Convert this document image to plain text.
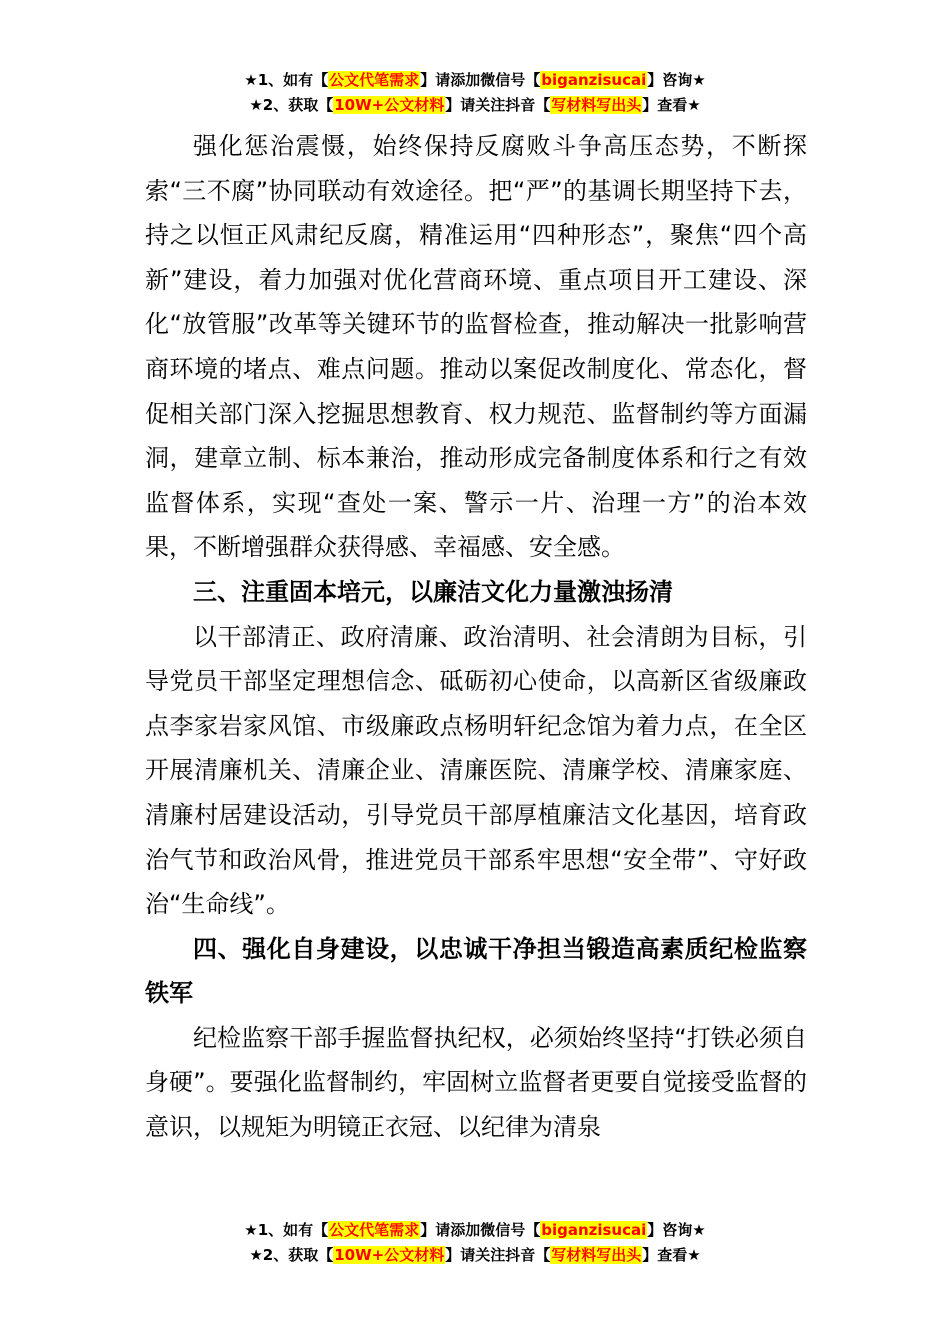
★1、如有【公文代笔需求】请添加微信号【biganzisucai】咨询★
★2、获取【10W+公文材料】请关注抖音【写材料写出头】查看★

强化惩治震慑，始终保持反腐败斗争高压态势，不断探索“三不腐”协同联动有效途径。把“严”的基调长期坚持下去，持之以恒正风肃纪反腐，精准运用“四种形态”，聚焦“四个高新”建设，着力加强对优化营商环境、重点项目开工建设、深化“放管服”改革等关键环节的监督检查，推动解决一批影响营商环境的堵点、难点问题。推动以案促改制度化、常态化，督促相关部门深入挖掘思想教育、权力规范、监督制约等方面漏洞，建章立制、标本兼治，推动形成完备制度体系和行之有效监督体系，实现“查处一案、警示一片、治理一方”的治本效果，不断增强群众获得感、幸福感、安全感。

三、注重固本培元，以廉洁文化力量激浊扬清

以干部清正、政府清廉、政治清明、社会清朗为目标，引导党员干部坚定理想信念、砥砺初心使命，以高新区省级廉政点李家岩家风馆、市级廉政点杨明轩纪念馆为着力点，在全区开展清廉机关、清廉企业、清廉医院、清廉学校、清廉家庭、清廉村居建设活动，引导党员干部厚植廉洁文化基因，培育政治气节和政治风骨，推进党员干部系牢思想“安全带”、守好政治“生命线”。

四、强化自身建设，以忠诚干净担当锻造高素质纪检监察铁军

纪检监察干部手握监督执纪权，必须始终坚持“打铁必须自身硬”。要强化监督制约，牢固树立监督者更要自觉接受监督的意识，以规矩为明镜正衣冠、以纪律为清泉

★1、如有【公文代笔需求】请添加微信号【biganzisucai】咨询★
★2、获取【10W+公文材料】请关注抖音【写材料写出头】查看★
